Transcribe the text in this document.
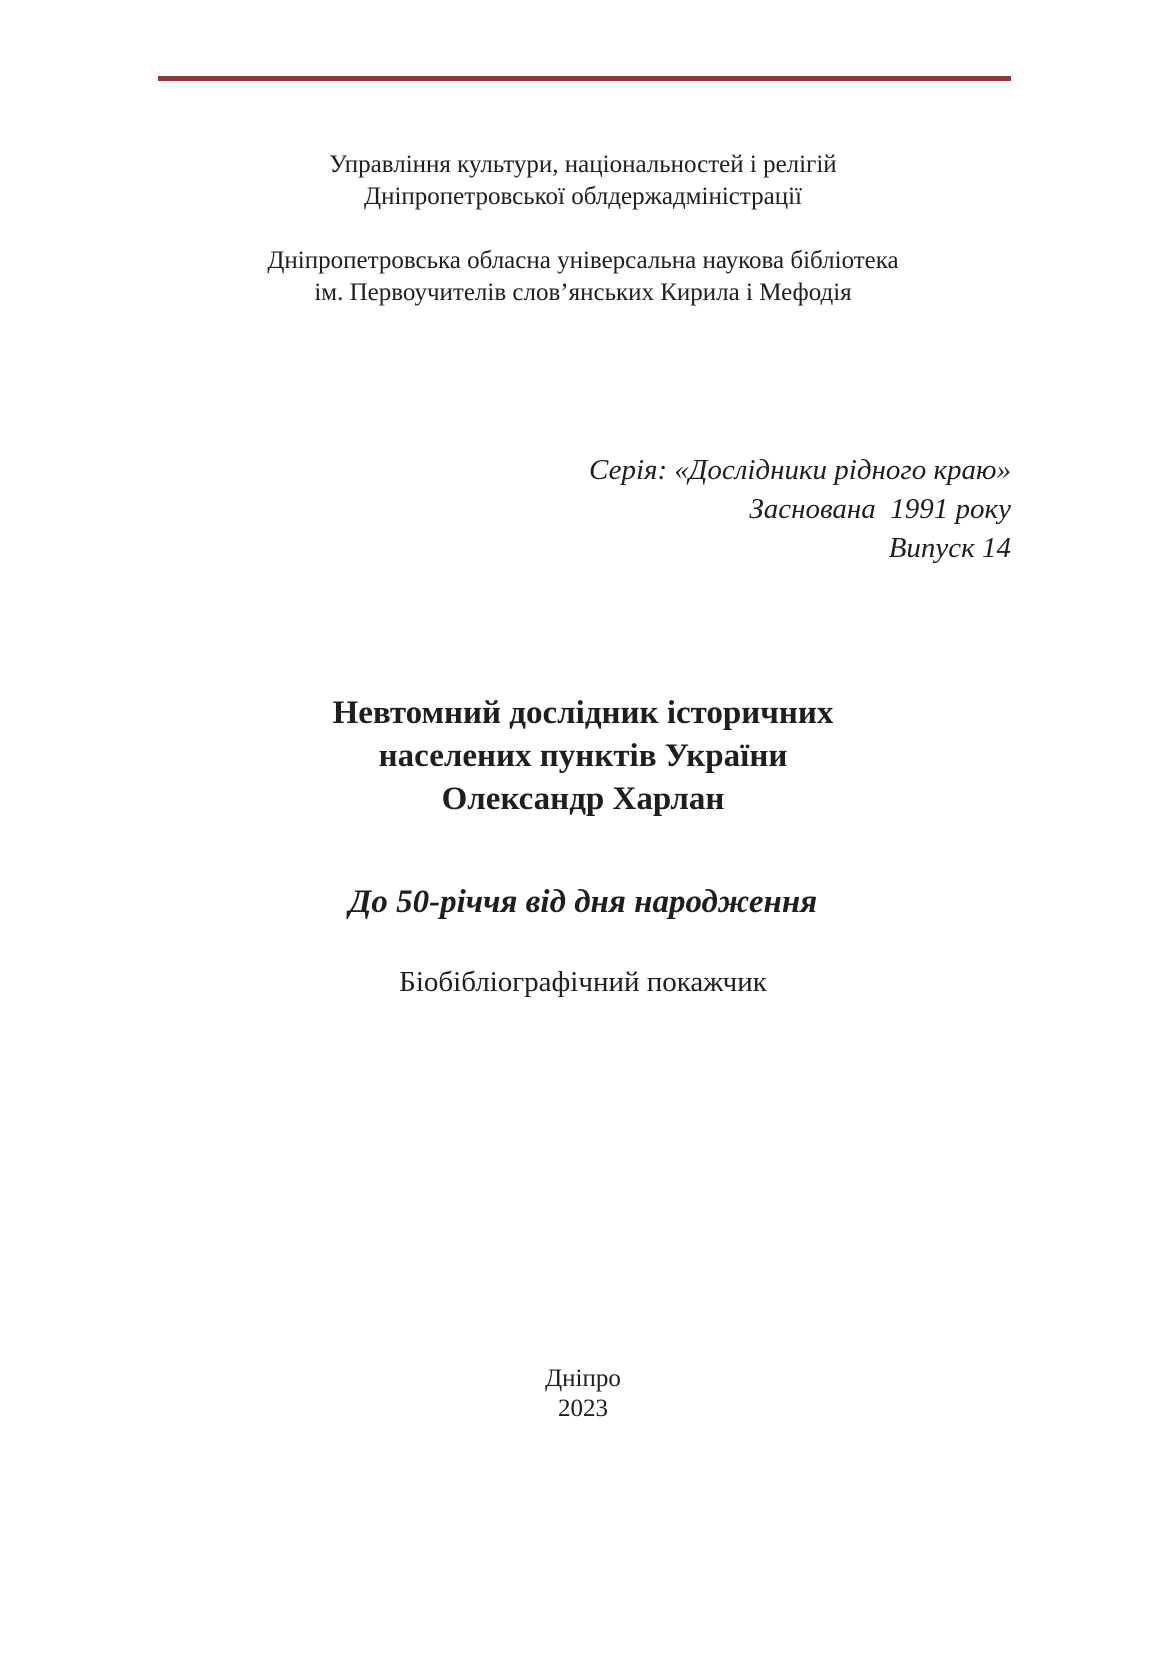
Управління культури, національностей і релігій

Дніпропетровської облдержадміністрації

Дніпропетровська обласна універсальна наукова бібліотека

ім. Первоучителів слов’янських Кирила і Мефодія

Серія: «Дослідники рідного краю»
Заснована  1991 року
Випуск 14

Невтомний дослідник історичних

населених пунктів України

Олександр Харлан

До 50-річчя від дня народження

Біобібліографічний покажчик

Дніпро

2023
